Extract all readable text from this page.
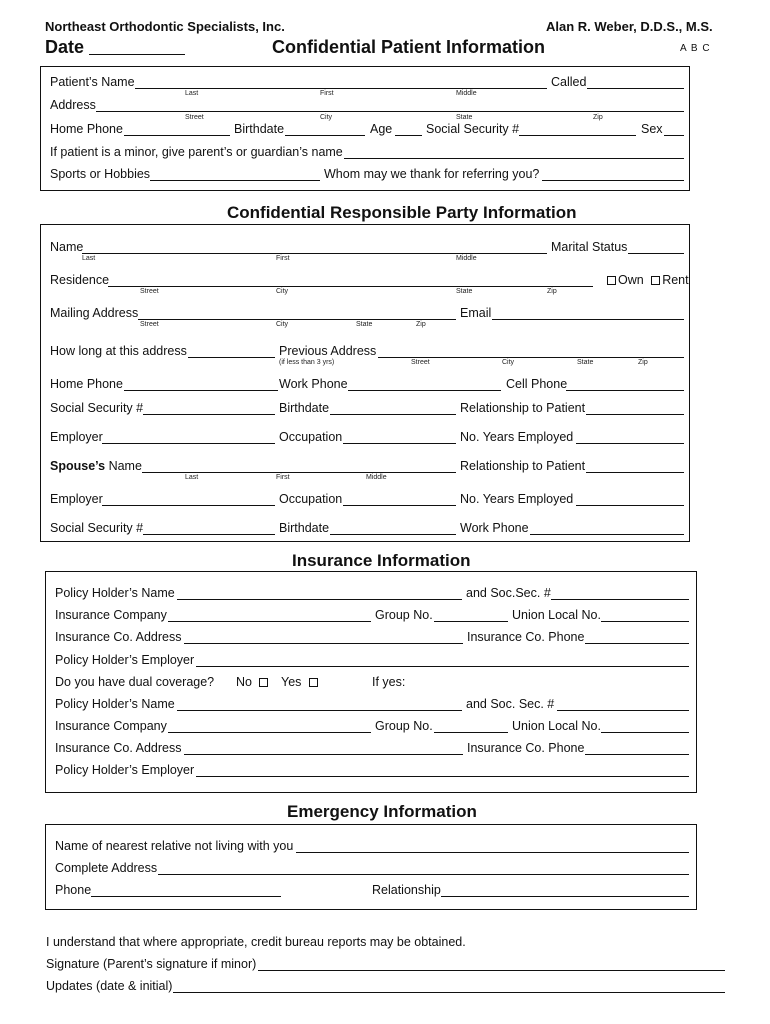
Northeast Orthodontic Specialists, Inc.	Alan R. Weber, D.D.S., M.S.
Date	Confidential Patient Information	A B C
Patient’s Name	Called
Last	First	Middle
Address
Street	City	State	Zip
Home Phone	Birthdate	Age	Social Security #	Sex
If patient is a minor, give parent’s or guardian’s name
Sports or Hobbies	Whom may we thank for referring you?
Confidential Responsible Party Information
Name	Marital Status
Last	First	Middle
Residence	Own Rent
Street	City	State	Zip
Mailing Address	Email
Street	City	State	Zip
How long at this address	Previous Address
(if less than 3 yrs)	Street	City	State	Zip
Home Phone	Work Phone	Cell Phone
Social Security #	Birthdate	Relationship to Patient
Employer	Occupation	No. Years Employed
Spouse’s Name	Relationship to Patient
Last	First	Middle
Employer	Occupation	No. Years Employed
Social Security #	Birthdate	Work Phone
Insurance Information
Policy Holder’s Name	and Soc.Sec. #
Insurance Company	Group No.	Union Local No.
Insurance Co. Address	Insurance Co. Phone
Policy Holder’s Employer
Do you have dual coverage? No	Yes	If yes:
Policy Holder’s Name	and Soc. Sec. #
Insurance Company	Group No.	Union Local No.
Insurance Co. Address	Insurance Co. Phone
Policy Holder’s Employer
Emergency Information
Name of nearest relative not living with you
Complete Address
Phone	Relationship
I understand that where appropriate, credit bureau reports may be obtained.
Signature (Parent’s signature if minor)
Updates (date & initial)
